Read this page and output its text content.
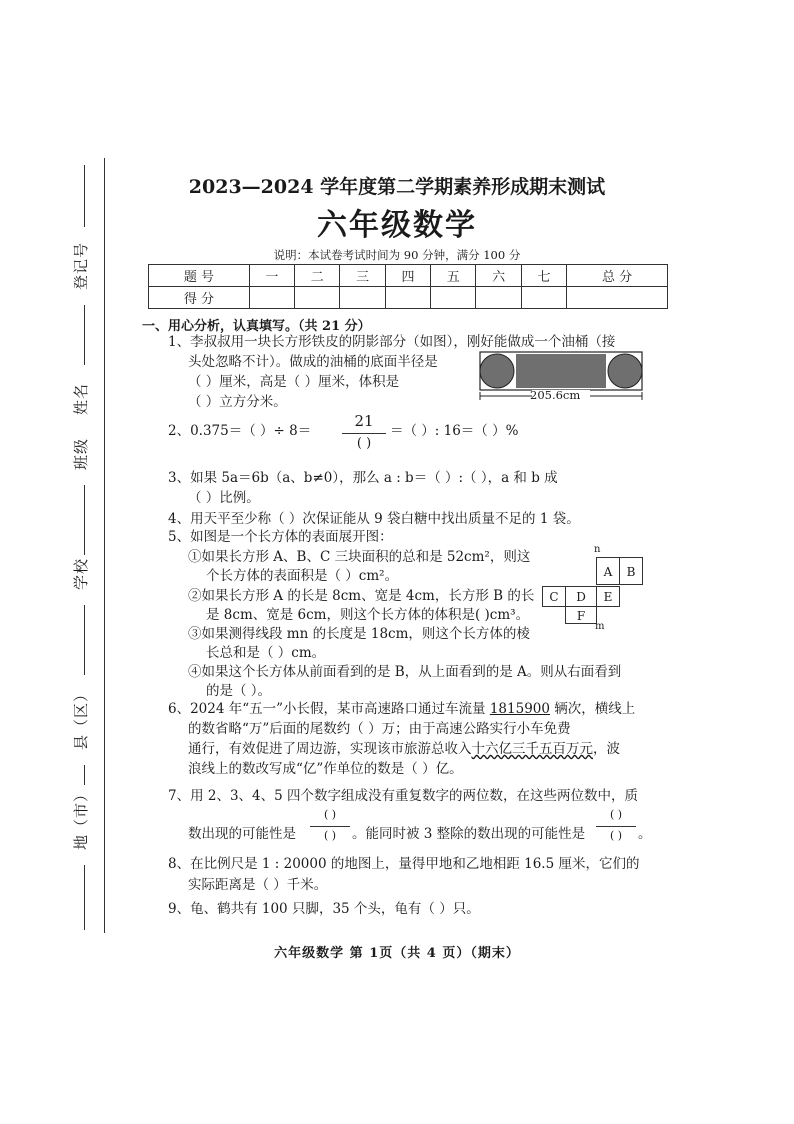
登记号
姓名
班级
学校
县（区）
地（市）
2023—2024 学年度第二学期素养形成期末测试
六年级数学
说明：本试卷考试时间为 90 分钟，满分 100 分
题 号	一	二	三	四	五	六	七	总 分
得 分								
一、用心分析，认真填写。（共 21 分）
1、李叔叔用一块长方形铁皮的阴影部分（如图），刚好能做成一个油桶（接
头处忽略不计）。做成的油桶的底面半径是
（ ）厘米，高是（ ）厘米，体积是
（ ）立方分米。	205.6cm
2、0.375＝（ ）÷ 8＝
21
( )
＝（ ）: 16＝（ ）%
3、如果 5a＝6b（a、b≠0），那么 a : b＝（ ）:（ ），a 和 b 成
（ ）比例。
4、用天平至少称（ ）次保证能从 9 袋白糖中找出质量不足的 1 袋。
5、如图是一个长方体的表面展开图：
①如果长方形 A、B、C 三块面积的总和是 52cm²，则这
个长方体的表面积是（ ）cm²。
②如果长方形 A 的长是 8cm、宽是 4cm，长方形 B 的长
是 8cm、宽是 6cm，则这个长方体的体积是( )cm³。
③如果测得线段 mn 的长度是 18cm，则这个长方体的棱
长总和是（ ）cm。
④如果这个长方体从前面看到的是 B，从上面看到的是 A。则从右面看到
的是（ ）。
n
A	B
C	D	E
F
m
6、2024 年“五一”小长假，某市高速路口通过车流量 1815900 辆次，横线上
的数省略“万”后面的尾数约（ ）万；由于高速公路实行小车免费
通行，有效促进了周边游，实现该市旅游总收入十六亿三千五百万元，波
浪线上的数改写成“亿”作单位的数是（ ）亿。
7、用 2、3、4、5 四个数字组成没有重复数字的两位数，在这些两位数中，质
数出现的可能性是
( )
( )	。能同时被 3 整除的数出现的可能性是
( )
( )	。
8、在比例尺是 1 : 20000 的地图上，量得甲地和乙地相距 16.5 厘米，它们的
实际距离是（ ）千米。
9、龟、鹤共有 100 只脚，35 个头，龟有（ ）只。
六年级数学 第 1页（共 4 页）（期末）
